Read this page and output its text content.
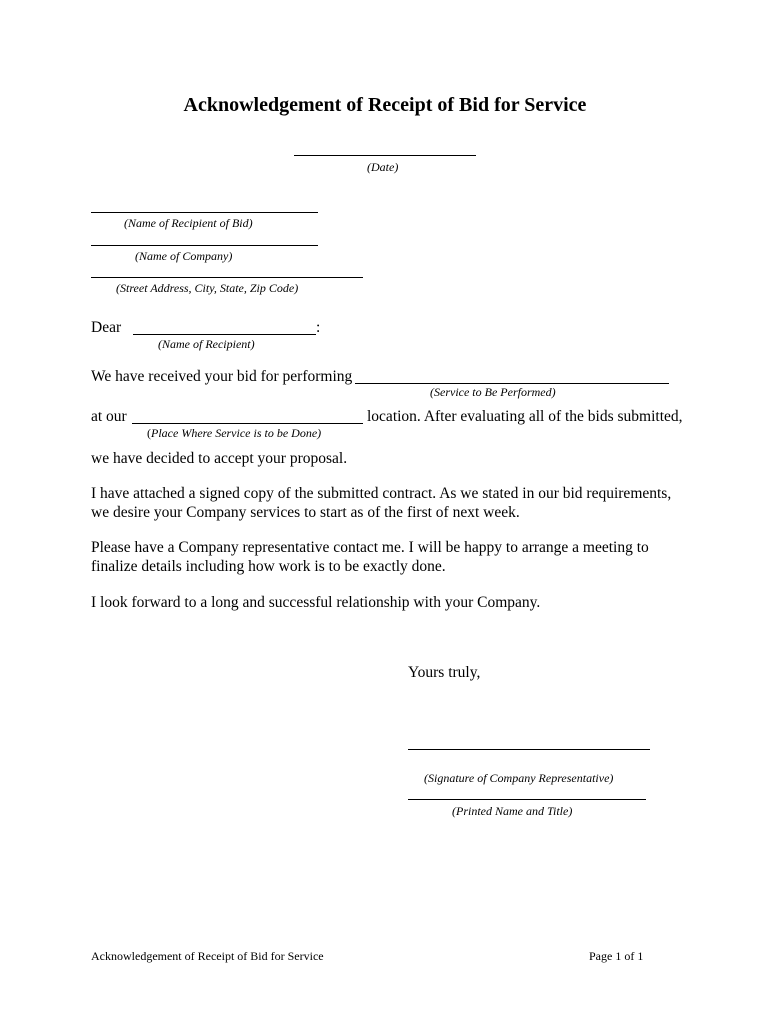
Acknowledgement of Receipt of Bid for Service
(Date)
(Name of Recipient of Bid)
(Name of Company)
(Street Address, City, State, Zip Code)
Dear	:
(Name of Recipient)
We have received your bid for performing
(Service to Be Performed)
at our	location. After evaluating all of the bids submitted,
(Place Where Service is to be Done)
we have decided to accept your proposal.
I have attached a signed copy of the submitted contract. As we stated in our bid requirements, we desire your Company services to start as of the first of next week.
Please have a Company representative contact me. I will be happy to arrange a meeting to finalize details including how work is to be exactly done.
I look forward to a long and successful relationship with your Company.
Yours truly,
(Signature of Company Representative)
(Printed Name and Title)
Acknowledgement of Receipt of Bid for Service	Page 1 of 1
